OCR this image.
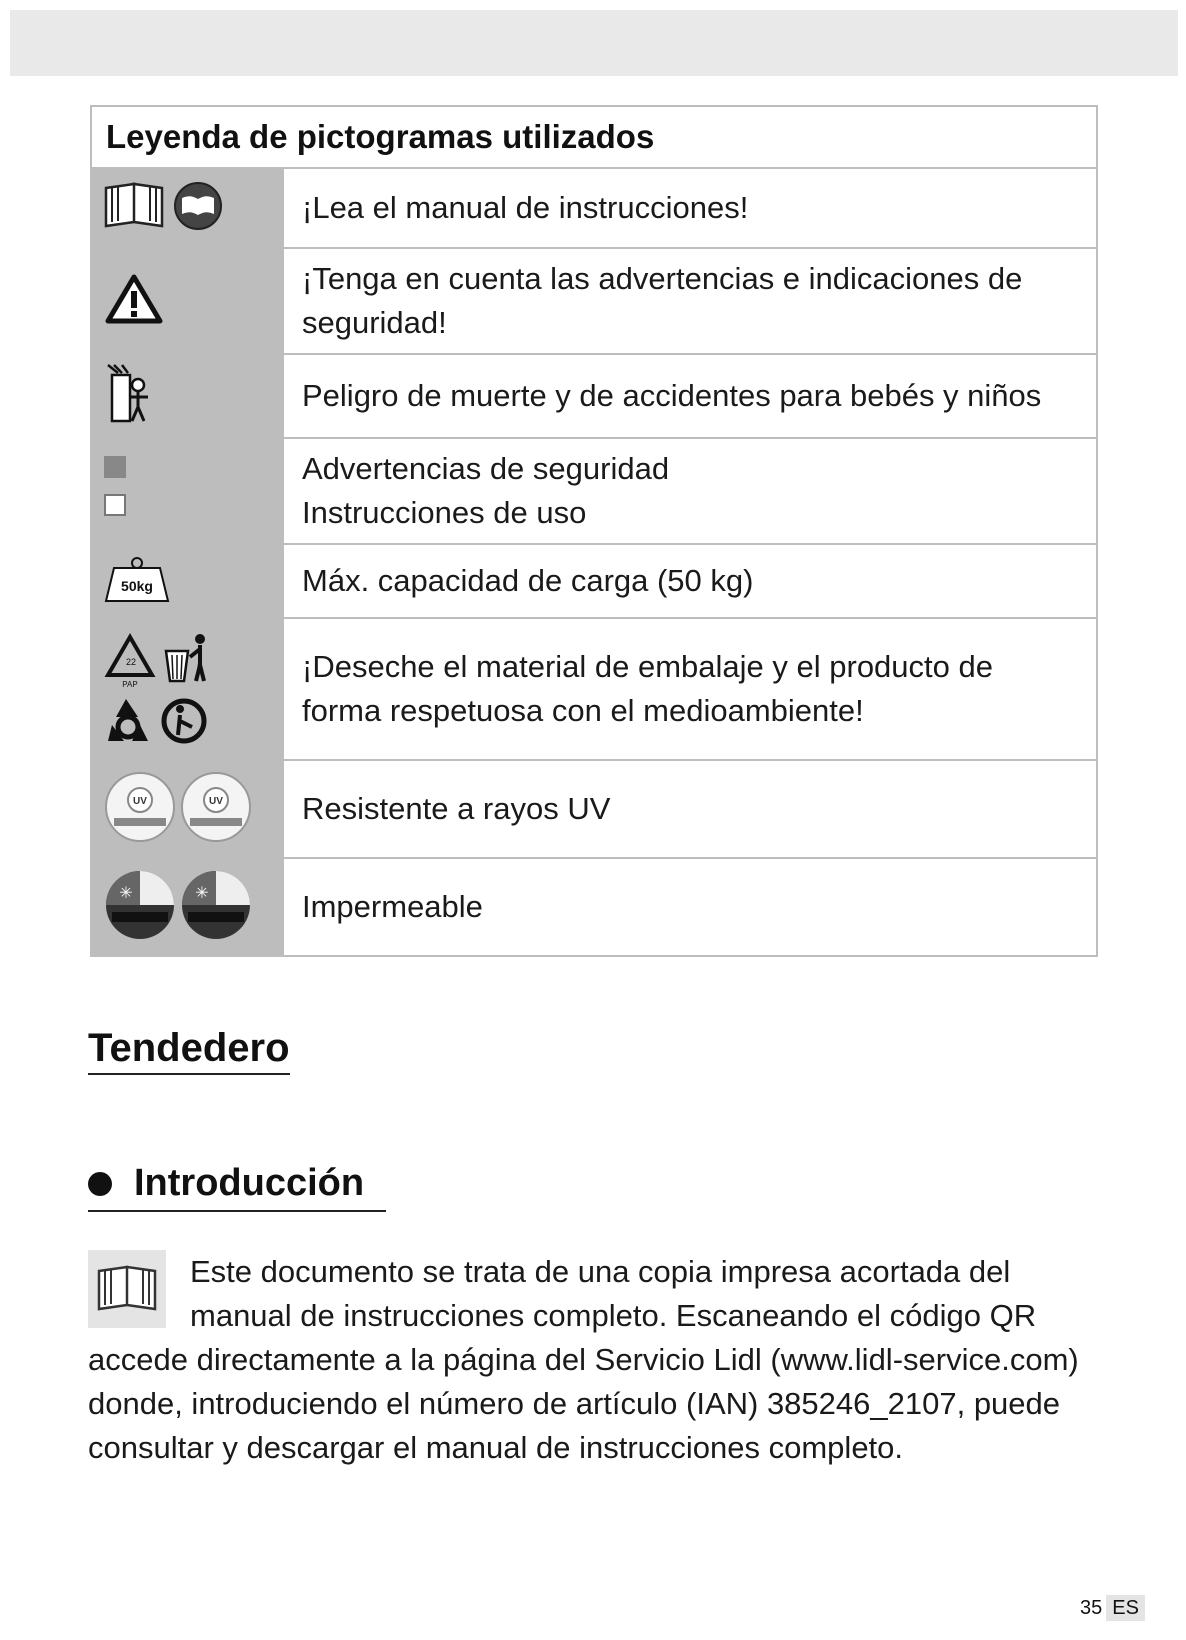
Leyenda de pictogramas utilizados	
	¡Lea el manual de instrucciones!
	¡Tenga en cuenta las advertencias e indicaciones de seguridad!
	Peligro de muerte y de accidentes para bebés y niños

	Advertencias de seguridad
Instrucciones de uso

50kg	Máx. capacidad de carga (50 kg)

22
PAP	¡Deseche el material de embalaje y el producto de forma respetuosa con el medioambiente!

UV UV	Resistente a rayos UV

✳ ✳	Impermeable
Tendedero
Introducción

Este documento se trata de una copia impresa acortada del manual de instrucciones completo. Escaneando el código QR accede directamente a la página del Servicio Lidl (www.lidl-service.com) donde, introduciendo el número de artículo (IAN) 385246_2107, puede consultar y descargar el manual de instrucciones completo.

35 ES
